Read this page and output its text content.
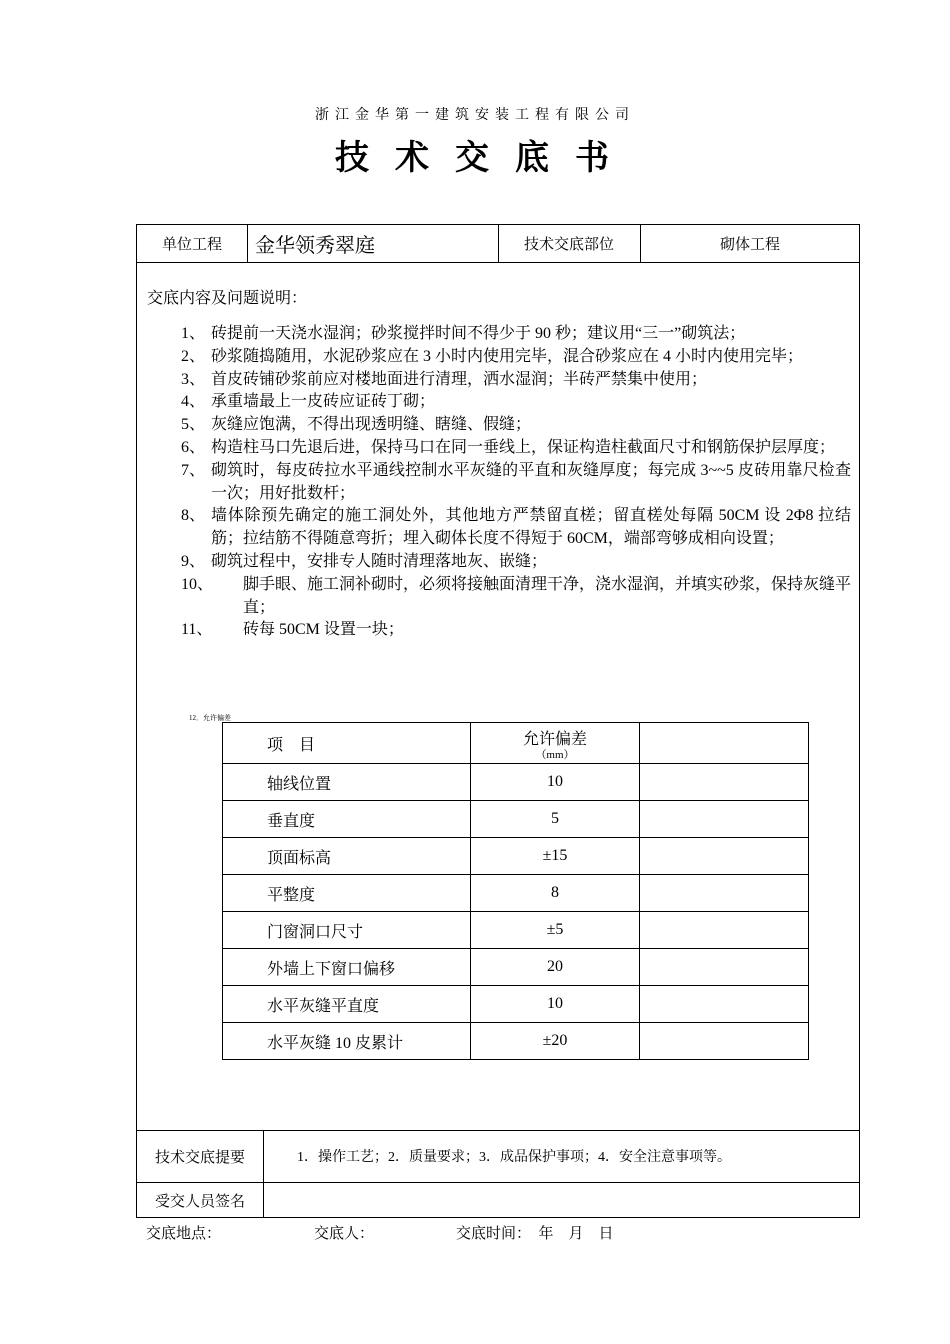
浙江金华第一建筑安装工程有限公司
技术交底书
单位工程	金华领秀翠庭	技术交底部位	砌体工程
交底内容及问题说明：
1、 砖提前一天浇水湿润；砂浆搅拌时间不得少于 90 秒；建议用“三一”砌筑法；
2、 砂浆随捣随用，水泥砂浆应在 3 小时内使用完毕，混合砂浆应在 4 小时内使用完毕；
3、 首皮砖铺砂浆前应对楼地面进行清理，洒水湿润；半砖严禁集中使用；
4、 承重墙最上一皮砖应证砖丁砌；
5、 灰缝应饱满，不得出现透明缝、瞎缝、假缝；
6、 构造柱马口先退后进，保持马口在同一垂线上，保证构造柱截面尺寸和钢筋保护层厚度；
7、 砌筑时，每皮砖拉水平通线控制水平灰缝的平直和灰缝厚度；每完成 3~~5 皮砖用靠尺检查一次；用好批数杆；
8、 墙体除预先确定的施工洞处外，其他地方严禁留直槎；留直槎处每隔 50CM 设 2Φ8 拉结筋；拉结筋不得随意弯折；埋入砌体长度不得短于 60CM，端部弯够成相向设置；
9、 砌筑过程中，安排专人随时清理落地灰、嵌缝；
10、	脚手眼、施工洞补砌时，必须将接触面清理干净，浇水湿润，并填实砂浆，保持灰缝平直；
11、	砖每 50CM 设置一块；
12．允许偏差
项　目	允许偏差
（mm）	

轴线位置	10	
垂直度	5	
顶面标高	±15	
平整度	8	
门窗洞口尺寸	±5	
外墙上下窗口偏移	20	
水平灰缝平直度	10	
水平灰缝 10 皮累计	±20	
技术交底提要	1．操作工艺；2．质量要求；3．成品保护事项；4．安全注意事项等。
受交人员签名
交底地点：	交底人：	交底时间：　年　月　日
